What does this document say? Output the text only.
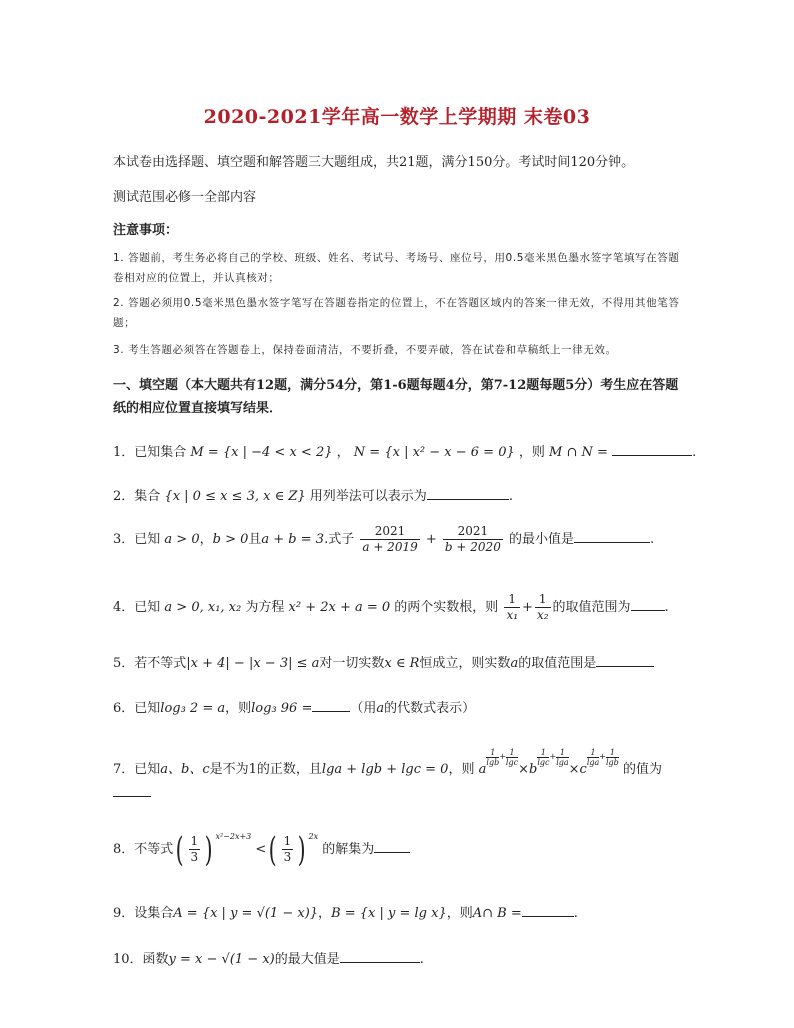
2020-2021学年高一数学上学期期 末卷03
本试卷由选择题、填空题和解答题三大题组成，共21题，满分150分。考试时间120分钟。
测试范围必修一全部内容
注意事项：
1. 答题前，考生务必将自己的学校、班级、姓名、考试号、考场号、座位号，用0.5毫米黑色墨水签字笔填写在答题卷相对应的位置上，并认真核对；
2. 答题必须用0.5毫米黑色墨水签字笔写在答题卷指定的位置上，不在答题区域内的答案一律无效，不得用其他笔答题；
3. 考生答题必须答在答题卷上，保持卷面清洁，不要折叠，不要弄破，答在试卷和草稿纸上一律无效。
一、填空题（本大题共有12题，满分54分，第1-6题每题4分，第7-12题每题5分）考生应在答题纸的相应位置直接填写结果．
1．已知集合 M = {x | −4 < x < 2} ， N = {x | x² − x − 6 = 0} ，则 M ∩ N =	.
2．集合 {x | 0 ≤ x ≤ 3, x ∈ Z} 用列举法可以表示为	.
3．已知 a > 0，b > 0且a + b = 3.式子 $\frac{2021}{a + 2019} + \frac{2021}{b + 2020}$ 的最小值是	.
4．已知 a > 0, x₁, x₂ 为方程 x² + 2x + a = 0 的两个实数根，则 $\frac{1}{\text{x₁}} + \frac{1}{\text{x₂}}$ 的取值范围为	.
5．若不等式|x + 4| − |x − 3| ≤ a对一切实数x ∈ R恒成立，则实数a的取值范围是
6．已知log₃ 2 = a，则log₃ 96 =	（用a的代数式表示）
7．已知a、b、c是不为1的正数，且lga + lgb + lgc = 0，则 a
$\frac{1}{\lg b} ^+ \frac{1}{\lg c}$
×b
$\frac{1}{\lg c} ^+ \frac{1}{\lg a}$
×c
$\frac{1}{\lg a} ^+ \frac{1}{\lg b}$
的值为
8．不等式( $\frac{1}{3}$ ) $^{x^2-2x+3}$ <( $\frac{1}{3}$ ) $^{2x}$ 的解集为
9．设集合A = {x | y = √(1 − x)}，B = {x | y = lg x}，则A∩ B =	.
10．函数y = x − √(1 − x)的最大值是	.
